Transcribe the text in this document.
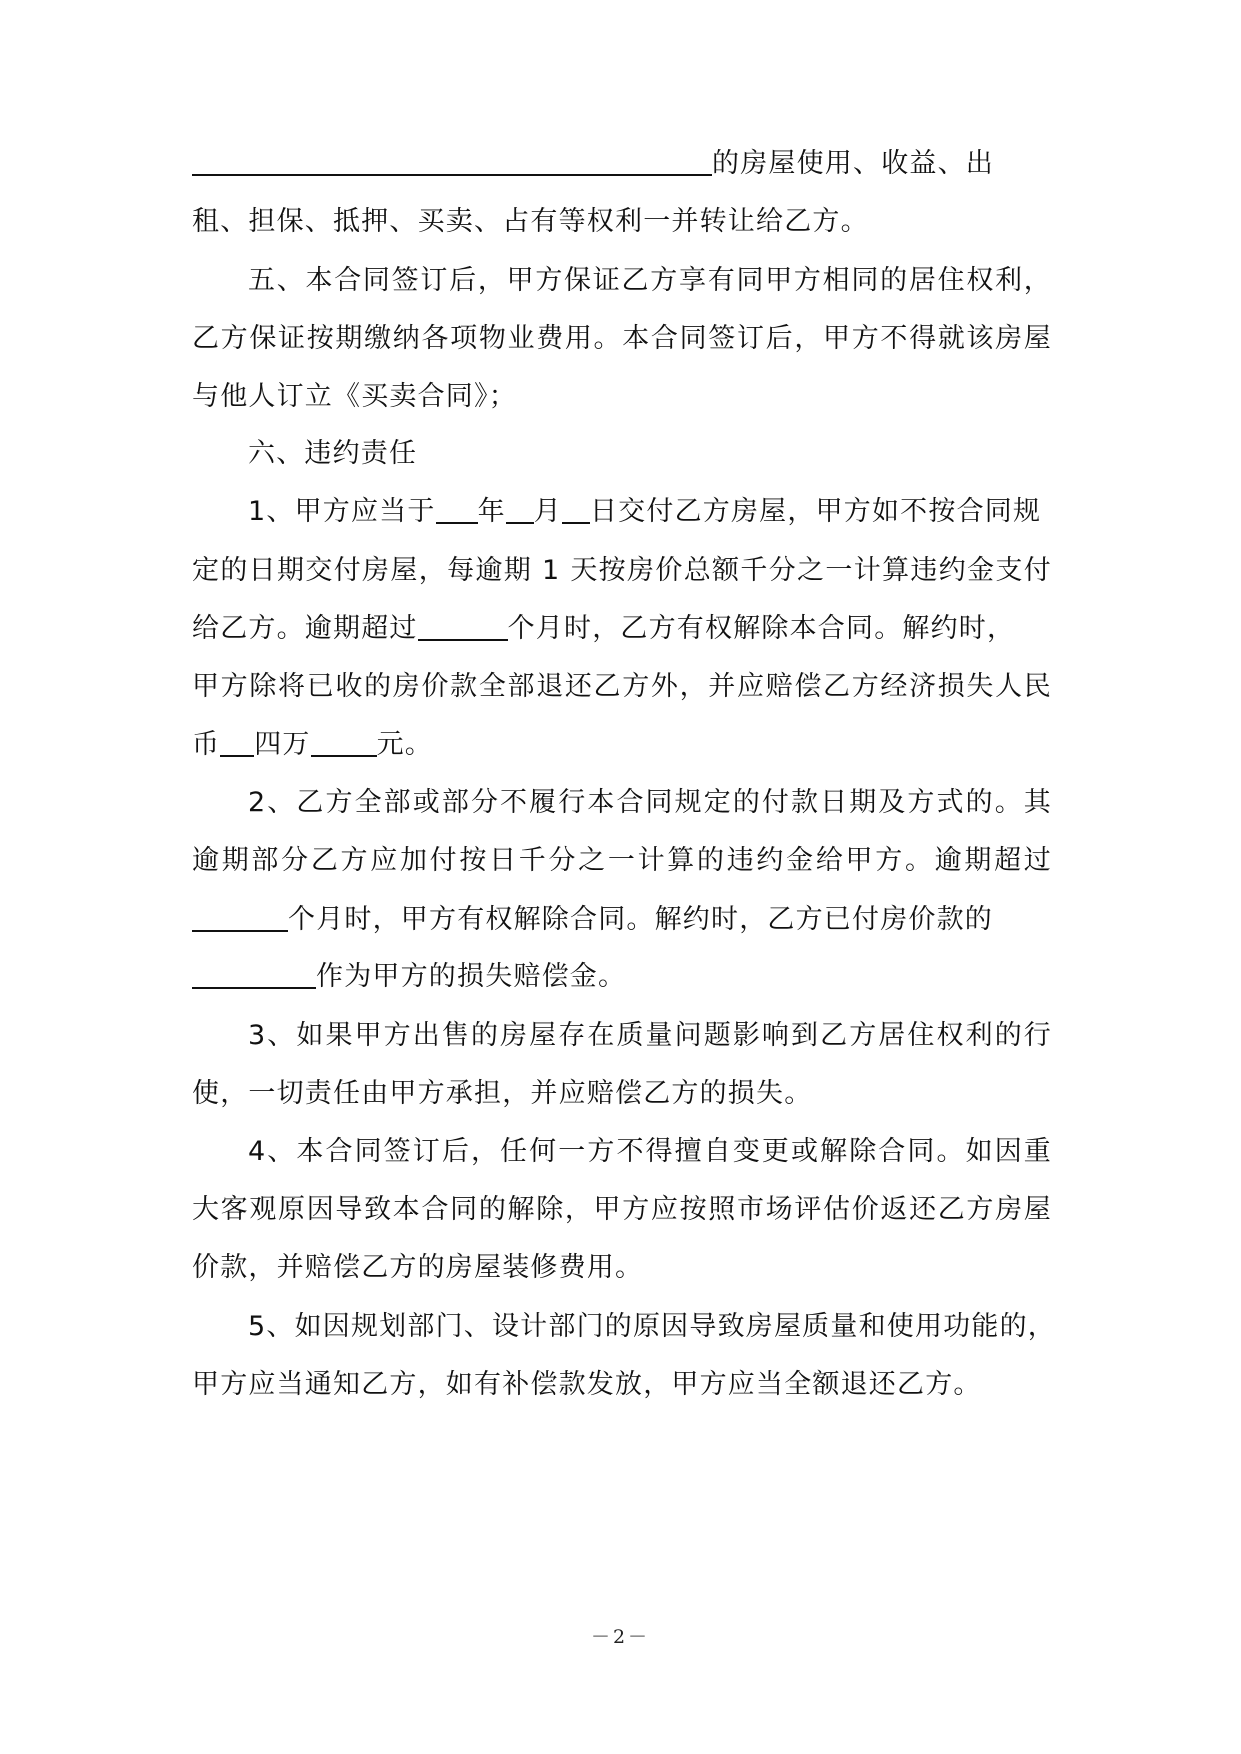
的房屋使用、收益、出
租、担保、抵押、买卖、占有等权利一并转让给乙方。
五、本合同签订后，甲方保证乙方享有同甲方相同的居住权利，
乙方保证按期缴纳各项物业费用。本合同签订后，甲方不得就该房屋
与他人订立《买卖合同》；
六、违约责任
1、甲方应当于 年 月 日交付乙方房屋，甲方如不按合同规
定的日期交付房屋，每逾期 1 天按房价总额千分之一计算违约金支付
给乙方。逾期超过	个月时，乙方有权解除本合同。解约时，
甲方除将已收的房价款全部退还乙方外，并应赔偿乙方经济损失人民
币 四万 元。
2、乙方全部或部分不履行本合同规定的付款日期及方式的。其
逾期部分乙方应加付按日千分之一计算的违约金给甲方。逾期超过
个月时，甲方有权解除合同。解约时，乙方已付房价款的
作为甲方的损失赔偿金。
3、如果甲方出售的房屋存在质量问题影响到乙方居住权利的行
使，一切责任由甲方承担，并应赔偿乙方的损失。
4、本合同签订后，任何一方不得擅自变更或解除合同。如因重
大客观原因导致本合同的解除，甲方应按照市场评估价返还乙方房屋
价款，并赔偿乙方的房屋装修费用。
5、如因规划部门、设计部门的原因导致房屋质量和使用功能的，
甲方应当通知乙方，如有补偿款发放，甲方应当全额退还乙方。
－2－
